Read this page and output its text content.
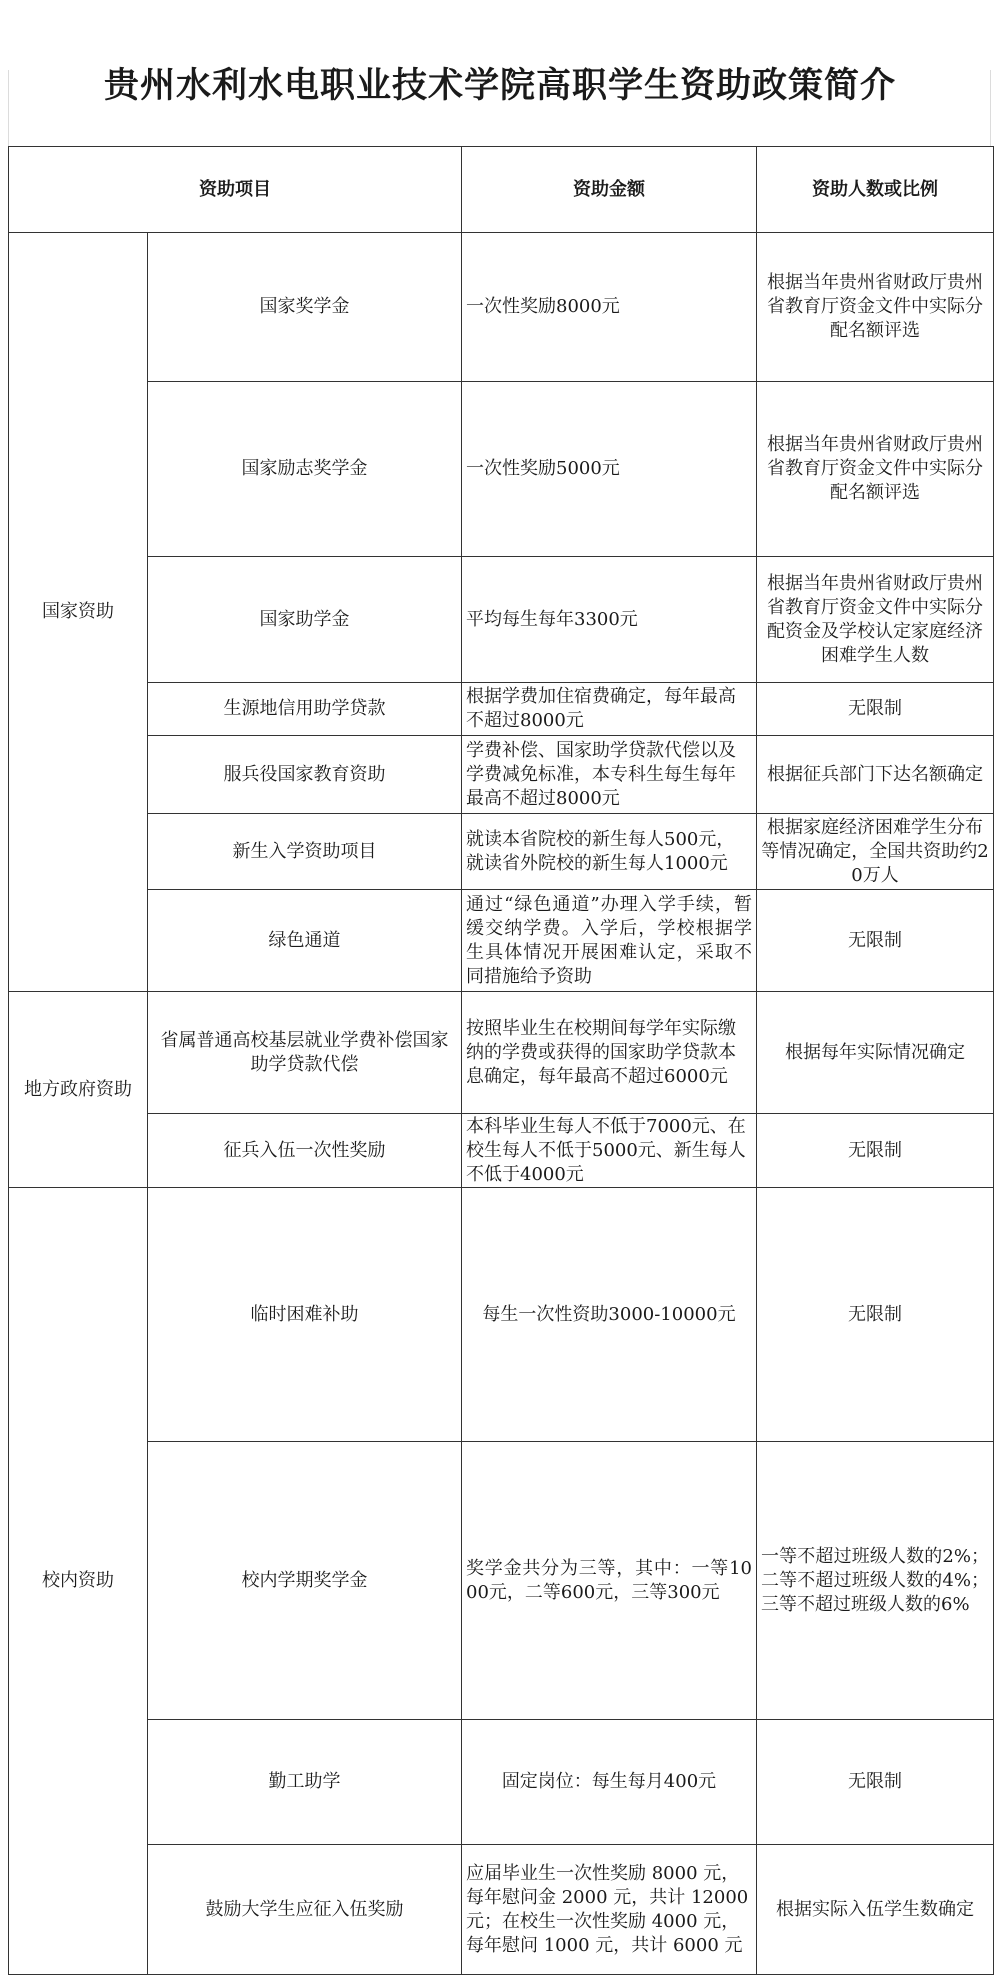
贵州水利水电职业技术学院高职学生资助政策简介
资助项目		资助金额	资助人数或比例
国家资助	国家奖学金	一次性奖励8000元	根据当年贵州省财政厅贵州省教育厅资金文件中实际分配名额评选
	国家励志奖学金	一次性奖励5000元	根据当年贵州省财政厅贵州省教育厅资金文件中实际分配名额评选
	国家助学金	平均每生每年3300元	根据当年贵州省财政厅贵州省教育厅资金文件中实际分配资金及学校认定家庭经济困难学生人数
	生源地信用助学贷款	根据学费加住宿费确定，每年最高不超过8000元	无限制
	服兵役国家教育资助	学费补偿、国家助学贷款代偿以及学费减免标准，本专科生每生每年最高不超过8000元	根据征兵部门下达名额确定
	新生入学资助项目	就读本省院校的新生每人500元，就读省外院校的新生每人1000元	根据家庭经济困难学生分布等情况确定，全国共资助约20万人
	绿色通道	通过“绿色通道”办理入学手续，暂缓交纳学费。入学后，学校根据学生具体情况开展困难认定，采取不同措施给予资助	无限制
地方政府资助	省属普通高校基层就业学费补偿国家助学贷款代偿	按照毕业生在校期间每学年实际缴纳的学费或获得的国家助学贷款本息确定，每年最高不超过6000元	根据每年实际情况确定
	征兵入伍一次性奖励	本科毕业生每人不低于7000元、在校生每人不低于5000元、新生每人不低于4000元	无限制
校内资助	临时困难补助	每生一次性资助3000-10000元	无限制
	校内学期奖学金	奖学金共分为三等，其中：一等1000元，二等600元，三等300元	一等不超过班级人数的2%；二等不超过班级人数的4%；三等不超过班级人数的6%
	勤工助学	固定岗位：每生每月400元	无限制
	鼓励大学生应征入伍奖励	应届毕业生一次性奖励 8000 元，每年慰问金 2000 元，共计 12000 元；在校生一次性奖励 4000 元，每年慰问 1000 元，共计 6000 元	根据实际入伍学生数确定
